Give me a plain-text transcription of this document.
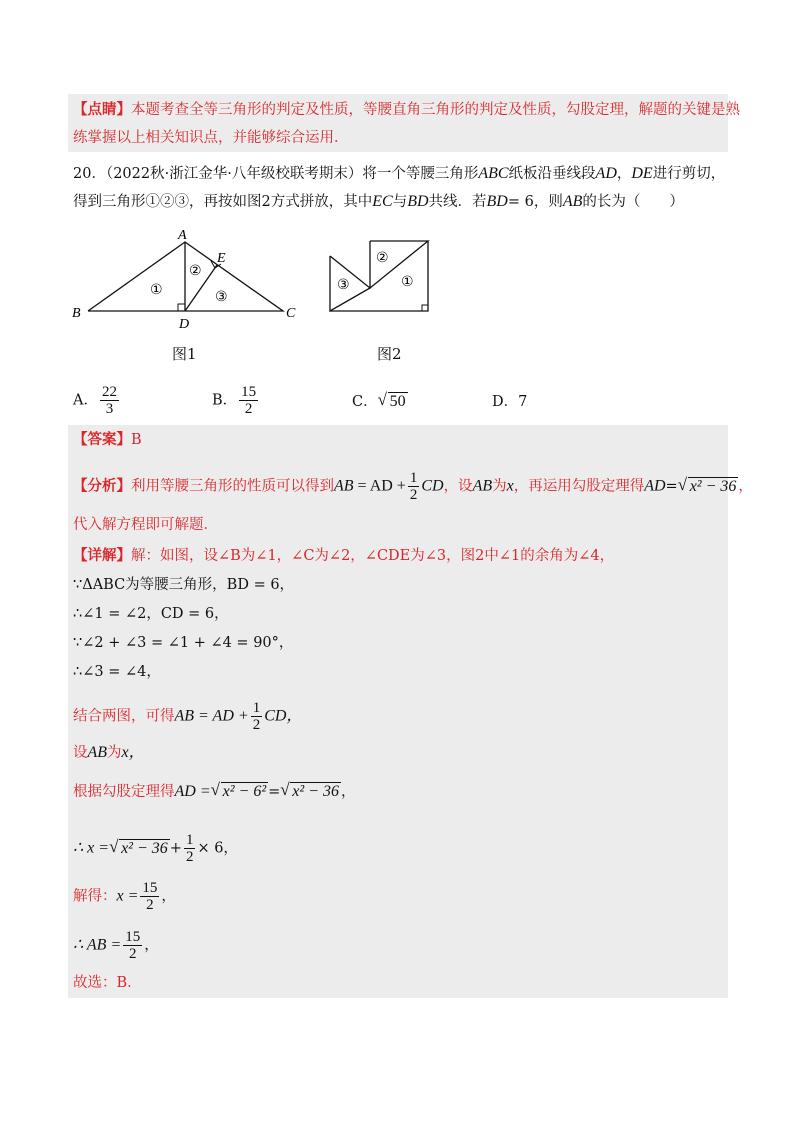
【点睛】本题考查全等三角形的判定及性质，等腰直角三角形的判定及性质，勾股定理，解题的关键是熟
练掌握以上相关知识点，并能够综合运用．
20．（2022秋·浙江金华·八年级校联考期末）将一个等腰三角形ABC纸板沿垂线段AD，DE进行剪切，
得到三角形①②③，再按如图2方式拼放，其中EC与BD共线．若BD= 6，则AB的长为（　　）
A
B	C
D
E
①
②
③
图1
③
②
①
图2
A． $\frac{22}{3}$	B． $\frac{15}{2}$	C． √ 50	D．7
【答案】B
【分析】利用等腰三角形的性质可以得到AB = AD + $\frac{1}{2}$ CD，设AB为x，再运用勾股定理得AD= √ x² − 36 ，
代入解方程即可解题．
【详解】解：如图，设∠B为∠1，∠C为∠2，∠CDE为∠3，图2中∠1的余角为∠4，
∵ΔABC为等腰三角形，BD = 6，
∴∠1 = ∠2，CD = 6，
∵∠2 + ∠3 = ∠1 + ∠4 = 90°，
∴∠3 = ∠4，
结合两图，可得AB = AD + $\frac{1}{2}$ CD，
设AB为x，
根据勾股定理得AD = √ x² − 6² = √ x² − 36 ，
∴ x = √ $x^2 - 36 + \frac{1}{2} \times 6$，
解得：$x = \frac{15}{2}$ ，
∴ AB = $\frac{15}{2}$ ，
故选：B．
